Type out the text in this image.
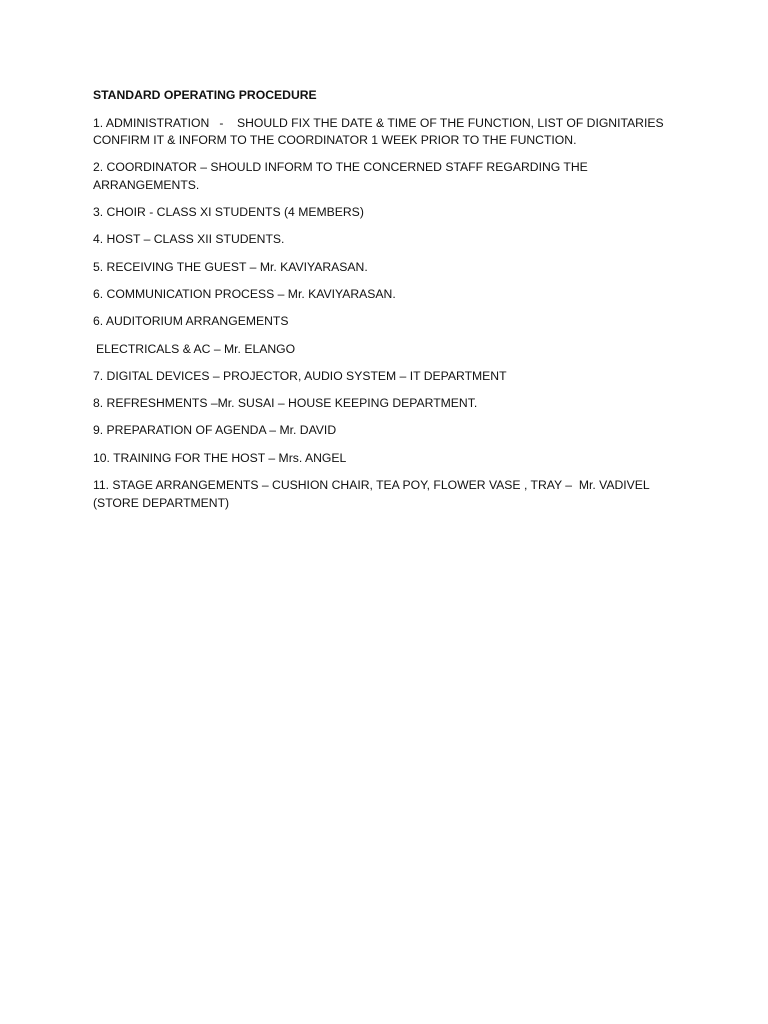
STANDARD OPERATING PROCEDURE
1. ADMINISTRATION   -    SHOULD FIX THE DATE & TIME OF THE FUNCTION, LIST OF DIGNITARIES CONFIRM IT & INFORM TO THE COORDINATOR 1 WEEK PRIOR TO THE FUNCTION.
2. COORDINATOR – SHOULD INFORM TO THE CONCERNED STAFF REGARDING THE ARRANGEMENTS.
3. CHOIR - CLASS XI STUDENTS (4 MEMBERS)
4. HOST – CLASS XII STUDENTS.
5. RECEIVING THE GUEST – Mr. KAVIYARASAN.
6. COMMUNICATION PROCESS – Mr. KAVIYARASAN.
6. AUDITORIUM ARRANGEMENTS
ELECTRICALS & AC – Mr. ELANGO
7. DIGITAL DEVICES – PROJECTOR, AUDIO SYSTEM – IT DEPARTMENT
8. REFRESHMENTS –Mr. SUSAI – HOUSE KEEPING DEPARTMENT.
9. PREPARATION OF AGENDA – Mr. DAVID
10. TRAINING FOR THE HOST – Mrs. ANGEL
11. STAGE ARRANGEMENTS – CUSHION CHAIR, TEA POY, FLOWER VASE , TRAY –  Mr. VADIVEL (STORE DEPARTMENT)
